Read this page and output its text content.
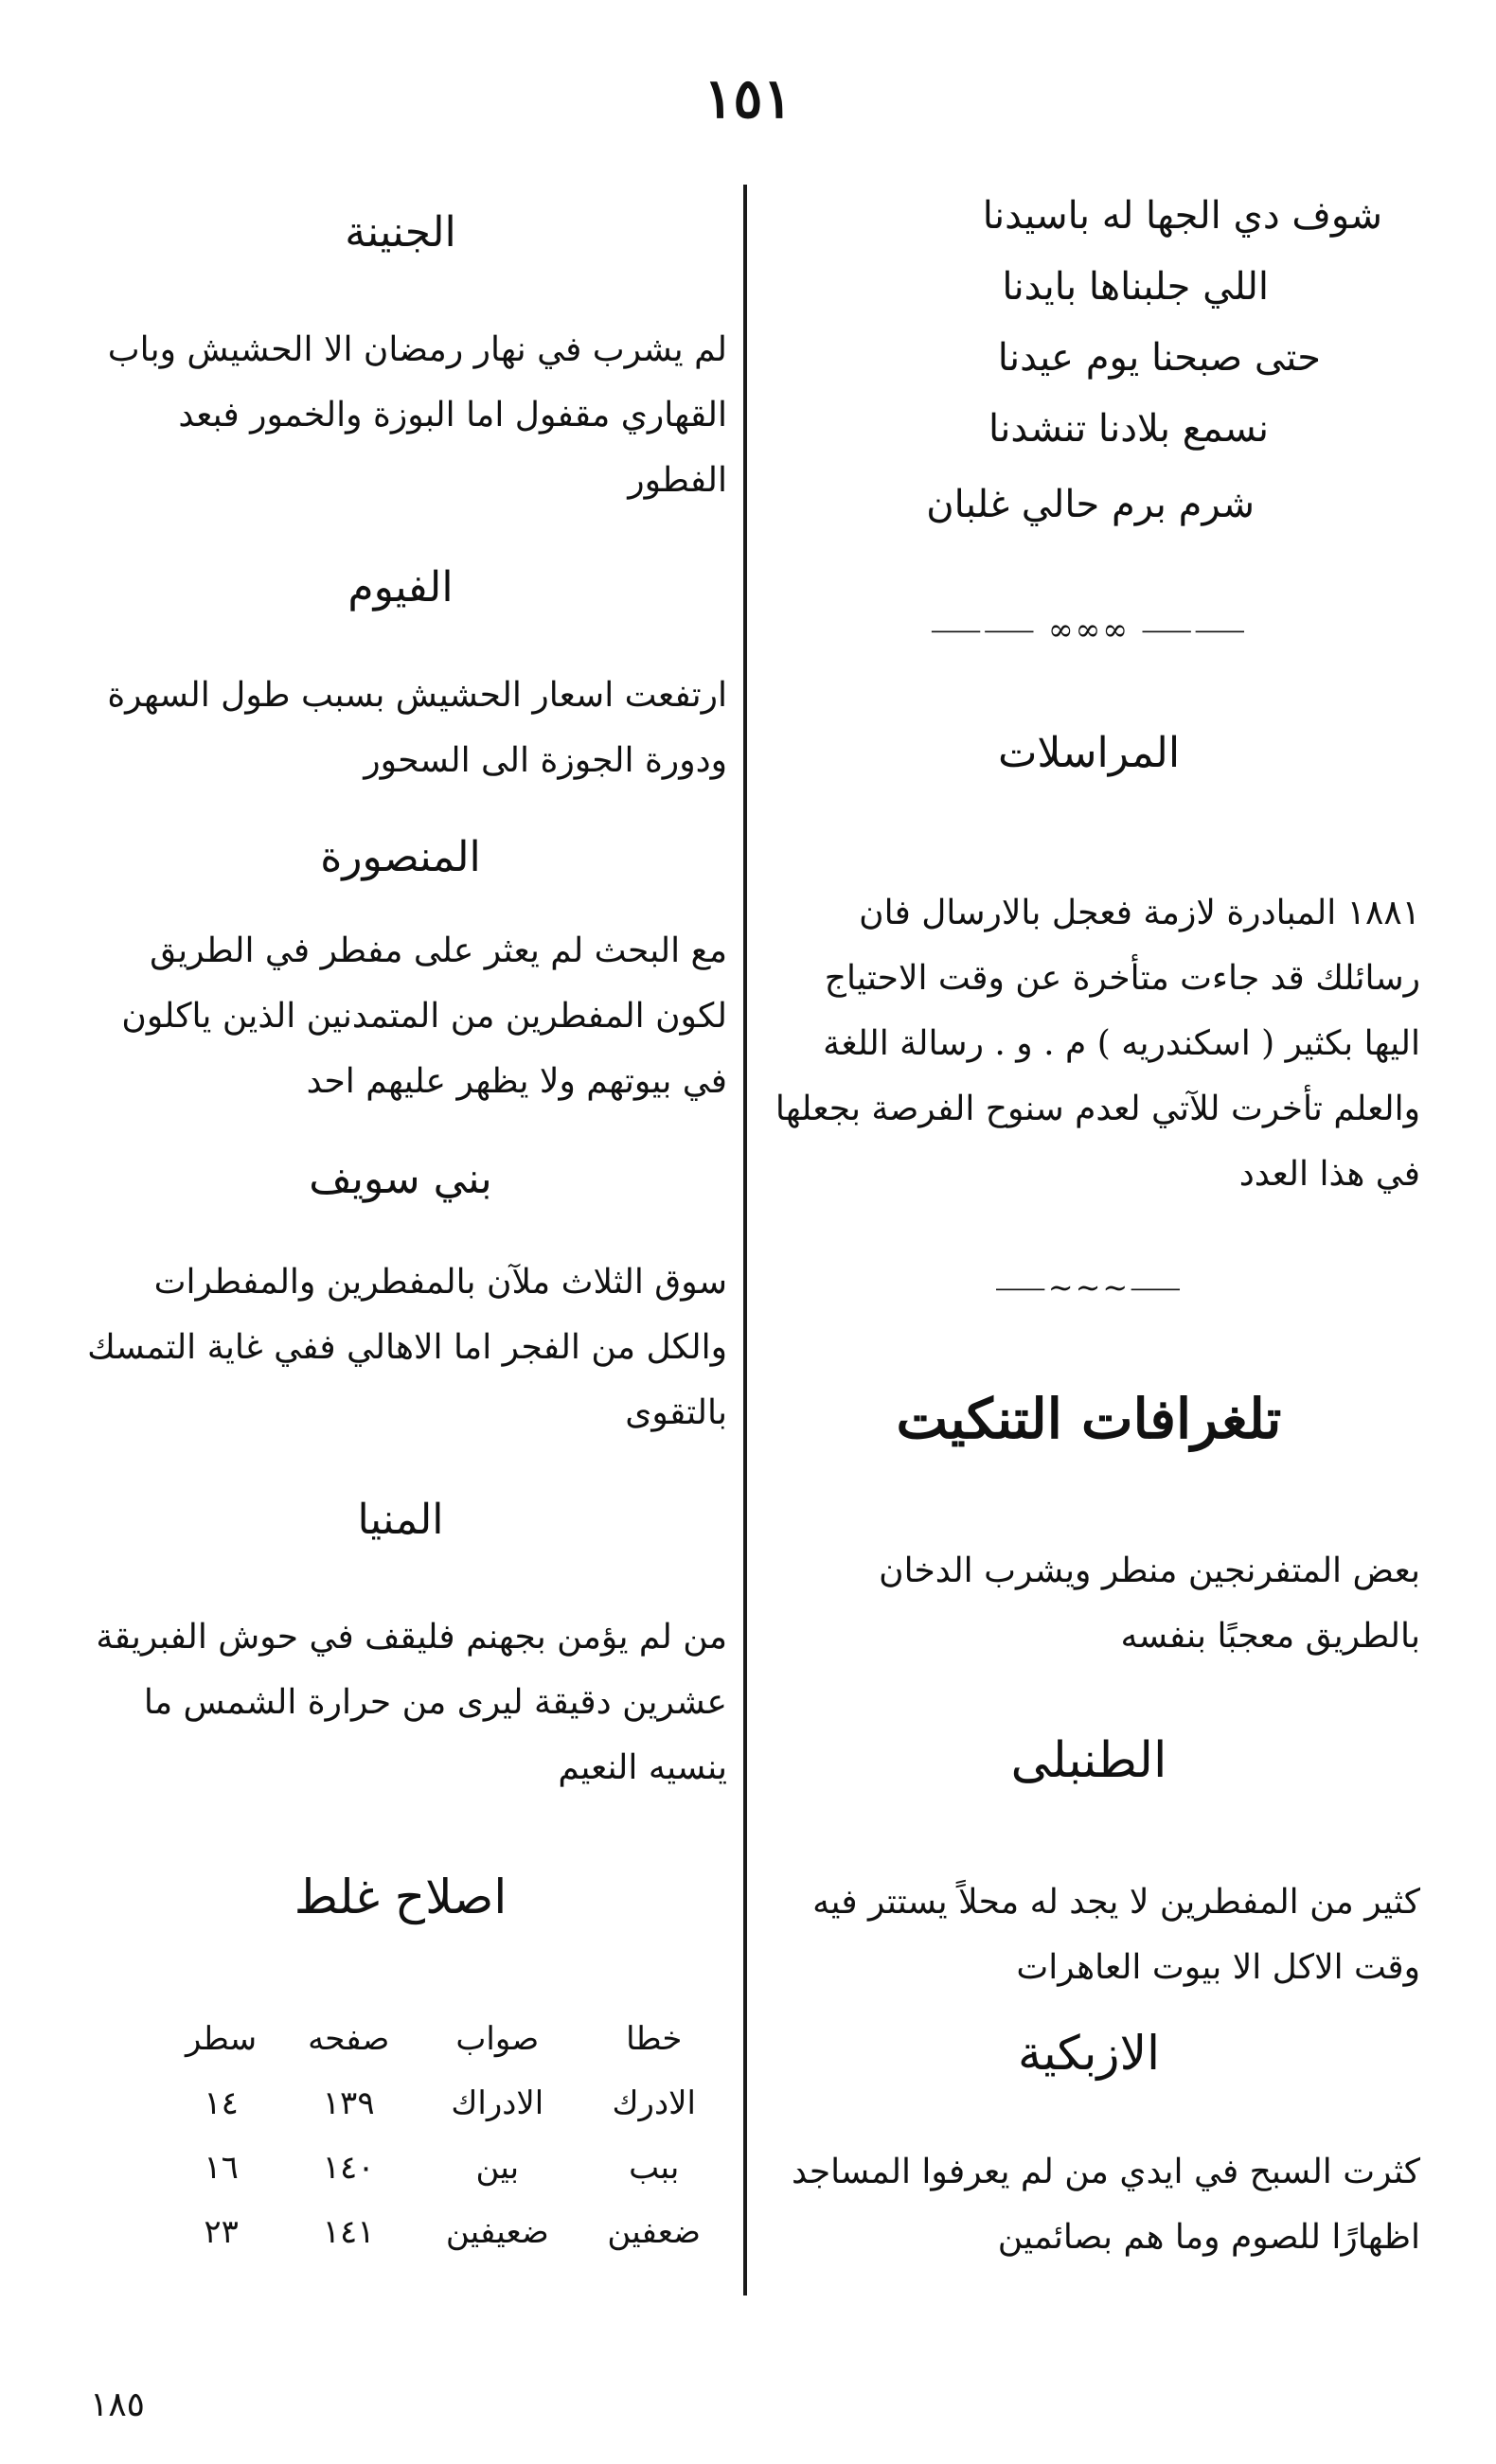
١٥١
شوف دي الجها له باسيدنا
اللي جلبناها بايدنا
حتى صبحنا يوم عيدنا
نسمع بلادنا تنشدنا
شرم برم حالي غلبان
⸺⸺ ∞∞∞ ⸺⸺
المراسلات
١٨٨١ المبادرة لازمة فعجل بالارسال فان رسائلك قد جاءت متأخرة عن وقت الاحتياج اليها بكثير ( اسكندريه ) م . و . رسالة اللغة والعلم تأخرت للآتي لعدم سنوح الفرصة بجعلها في هذا العدد
⸺∽∽∽⸺
تلغرافات التنكيت
بعض المتفرنجين منطر ويشرب الدخان بالطريق معجبًا بنفسه
الطنبلى
كثير من المفطرين لا يجد له محلاً يستتر فيه وقت الاكل الا بيوت العاهرات
الازبكية
كثرت السبح في ايدي من لم يعرفوا المساجد اظهارًا للصوم وما هم بصائمين
الجنينة
لم يشرب في نهار رمضان الا الحشيش وباب القهاري مقفول اما البوزة والخمور فبعد الفطور
الفيوم
ارتفعت اسعار الحشيش بسبب طول السهرة ودورة الجوزة الى السحور
المنصورة
مع البحث لم يعثر على مفطر في الطريق لكون المفطرين من المتمدنين الذين ياكلون في بيوتهم ولا يظهر عليهم احد
بني سويف
سوق الثلاث ملآن بالمفطرين والمفطرات والكل من الفجر اما الاهالي ففي غاية التمسك بالتقوى
المنيا
من لم يؤمن بجهنم فليقف في حوش الفبريقة عشرين دقيقة ليرى من حرارة الشمس ما ينسيه النعيم
اصلاح غلط
خطا	صواب	صفحه	سطر
الادرك	الادراك	١٣٩	١٤
ببب	بين	١٤٠	١٦
ضعفين	ضعيفين	١٤١	٢٣
١٨٥
